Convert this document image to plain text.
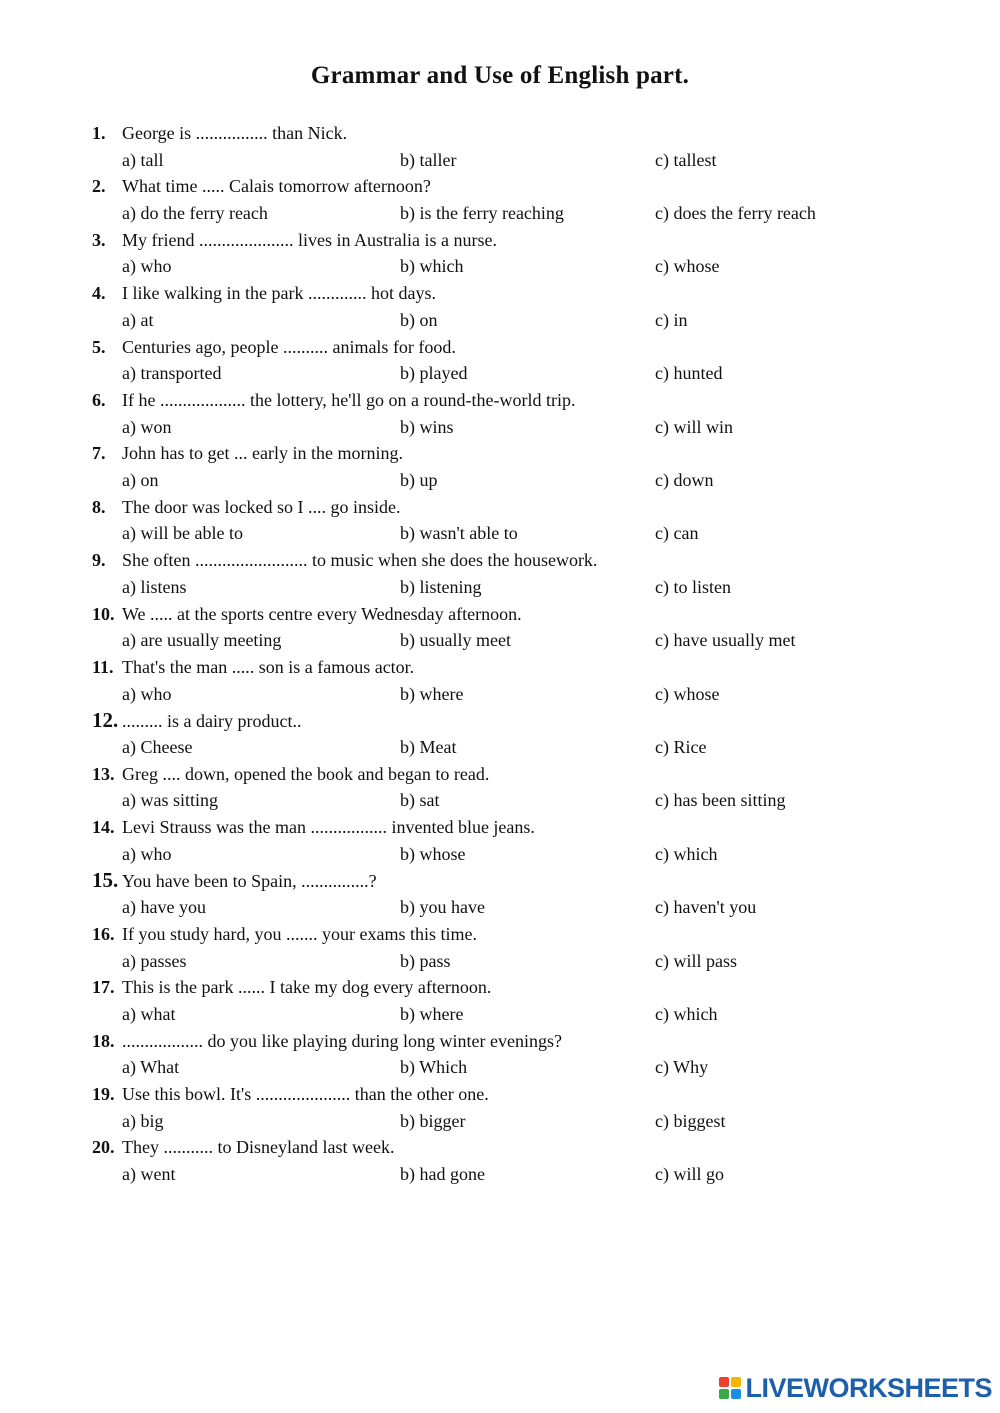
Grammar and Use of English part.
1. George is ................ than Nick.
a) tall	b) taller	c) tallest
2. What time ..... Calais tomorrow afternoon?
a) do the ferry reach	b) is the ferry reaching	c) does the ferry reach
3. My friend ..................... lives in Australia is a nurse.
a) who	b) which	c) whose
4. I like walking in the park ............. hot days.
a) at	b) on	c) in
5. Centuries ago, people .......... animals for food.
a) transported	b) played	c) hunted
6. If he ................... the lottery, he'll go on a round-the-world trip.
a) won	b) wins	c) will win
7. John has to get ... early in the morning.
a) on	b) up	c) down
8. The door was locked so I .... go inside.
a) will be able to	b) wasn't able to	c) can
9. She often ......................... to music when she does the housework.
a) listens	b) listening	c) to listen
10. We ..... at the sports centre every Wednesday afternoon.
a) are usually meeting	b) usually meet	c) have usually met
11. That's the man ..... son is a famous actor.
a) who	b) where	c) whose
12. ......... is a dairy product..
a) Cheese	b) Meat	c) Rice
13. Greg .... down, opened the book and began to read.
a) was sitting	b) sat	c) has been sitting
14. Levi Strauss was the man ................. invented blue jeans.
a) who	b) whose	c) which
15. You have been to Spain, ...............?
a) have you	b) you have	c) haven't you
16. If you study hard, you ....... your exams this time.
a) passes	b) pass	c) will pass
17. This is the park ...... I take my dog every afternoon.
a) what	b) where	c) which
18. .................. do you like playing during long winter evenings?
a) What	b) Which	c) Why
19. Use this bowl. It's ..................... than the other one.
a) big	b) bigger	c) biggest
20. They ........... to Disneyland last week.
a) went	b) had gone	c) will go
LIVEWORKSHEETS
